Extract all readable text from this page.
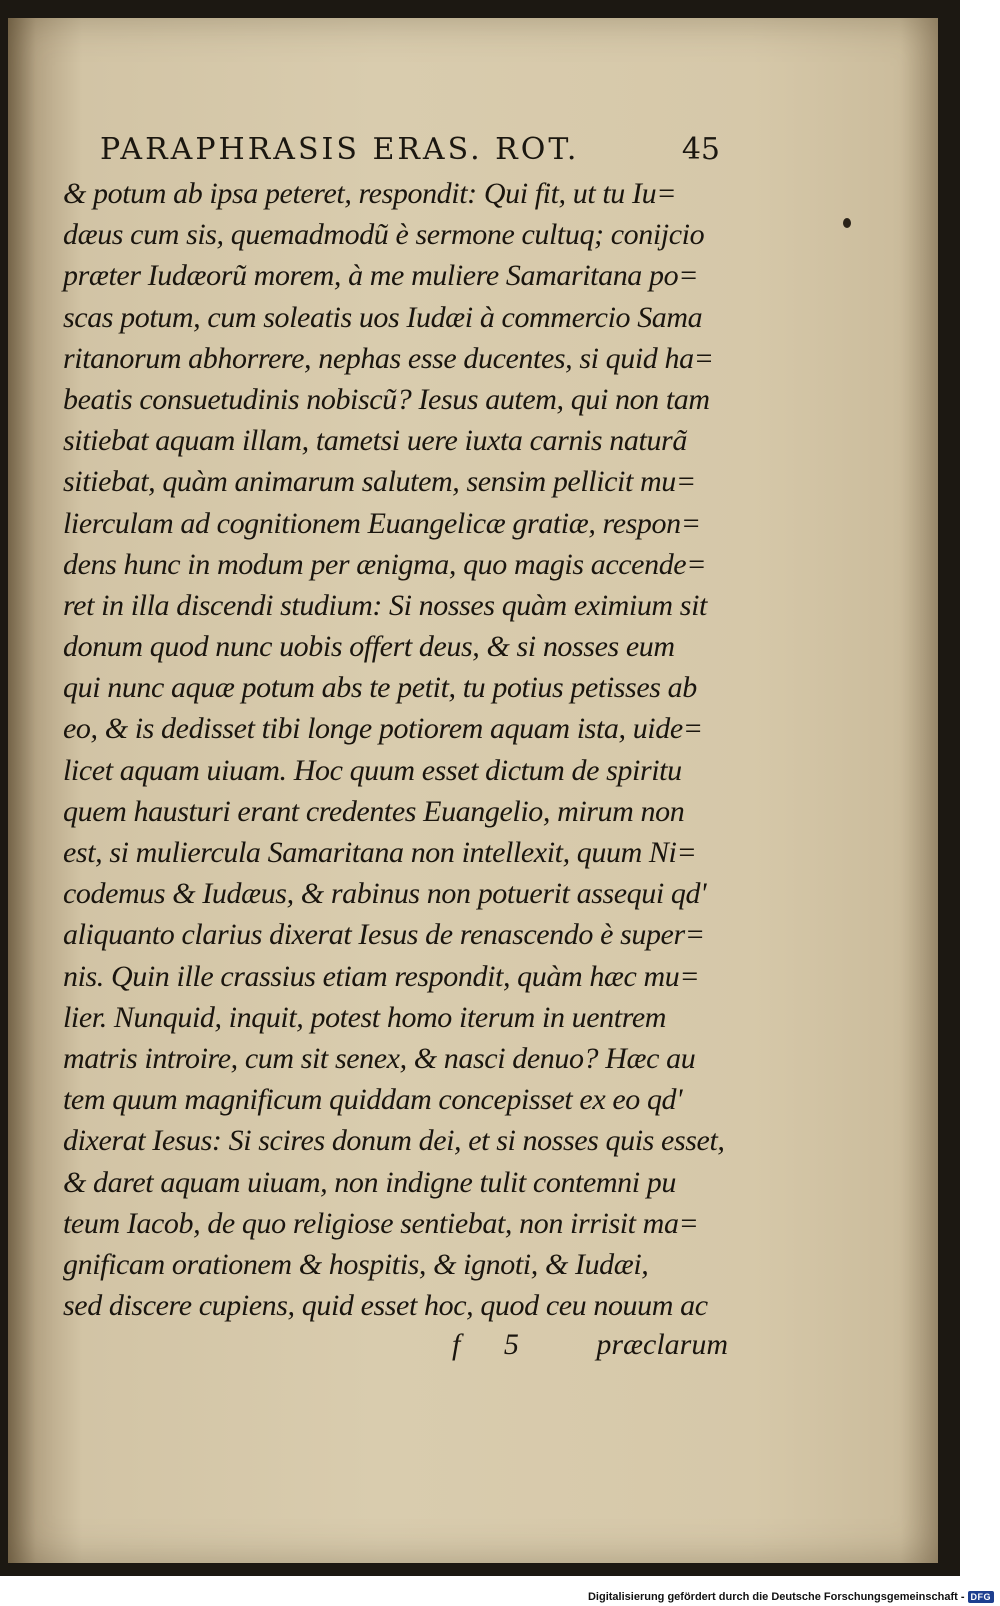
PARAPHRASIS ERAS. ROT.	45
& potum ab ipsa peteret, respondit: Qui fit, ut tu Iu=
dæus cum sis, quemadmodũ è sermone cultuq; conijcio
præter Iudæorũ morem, à me muliere Samaritana po=
scas potum, cum soleatis uos Iudæi à commercio Sama
ritanorum abhorrere, nephas esse ducentes, si quid ha=
beatis consuetudinis nobiscũ? Iesus autem, qui non tam
sitiebat aquam illam, tametsi uere iuxta carnis naturã
sitiebat, quàm animarum salutem, sensim pellicit mu=
lierculam ad cognitionem Euangelicæ gratiæ, respon=
dens hunc in modum per ænigma, quo magis accende=
ret in illa discendi studium: Si nosses quàm eximium sit
donum quod nunc uobis offert deus, & si nosses eum
qui nunc aquæ potum abs te petit, tu potius petisses ab
eo, & is dedisset tibi longe potiorem aquam ista, uide=
licet aquam uiuam. Hoc quum esset dictum de spiritu
quem hausturi erant credentes Euangelio, mirum non
est, si muliercula Samaritana non intellexit, quum Ni=
codemus & Iudæus, & rabinus non potuerit assequi qd'
aliquanto clarius dixerat Iesus de renascendo è super=
nis. Quin ille crassius etiam respondit, quàm hæc mu=
lier. Nunquid, inquit, potest homo iterum in uentrem
matris introire, cum sit senex, & nasci denuo? Hæc au
tem quum magnificum quiddam concepisset ex eo qd'
dixerat Iesus: Si scires donum dei, et si nosses quis esset,
& daret aquam uiuam, non indigne tulit contemni pu
teum Iacob, de quo religiose sentiebat, non irrisit ma=
gnificam orationem & hospitis, & ignoti, & Iudæi,
sed discere cupiens, quid esset hoc, quod ceu nouum ac
f 5 præclarum
Digitalisierung gefördert durch die Deutsche Forschungsgemeinschaft - DFG
